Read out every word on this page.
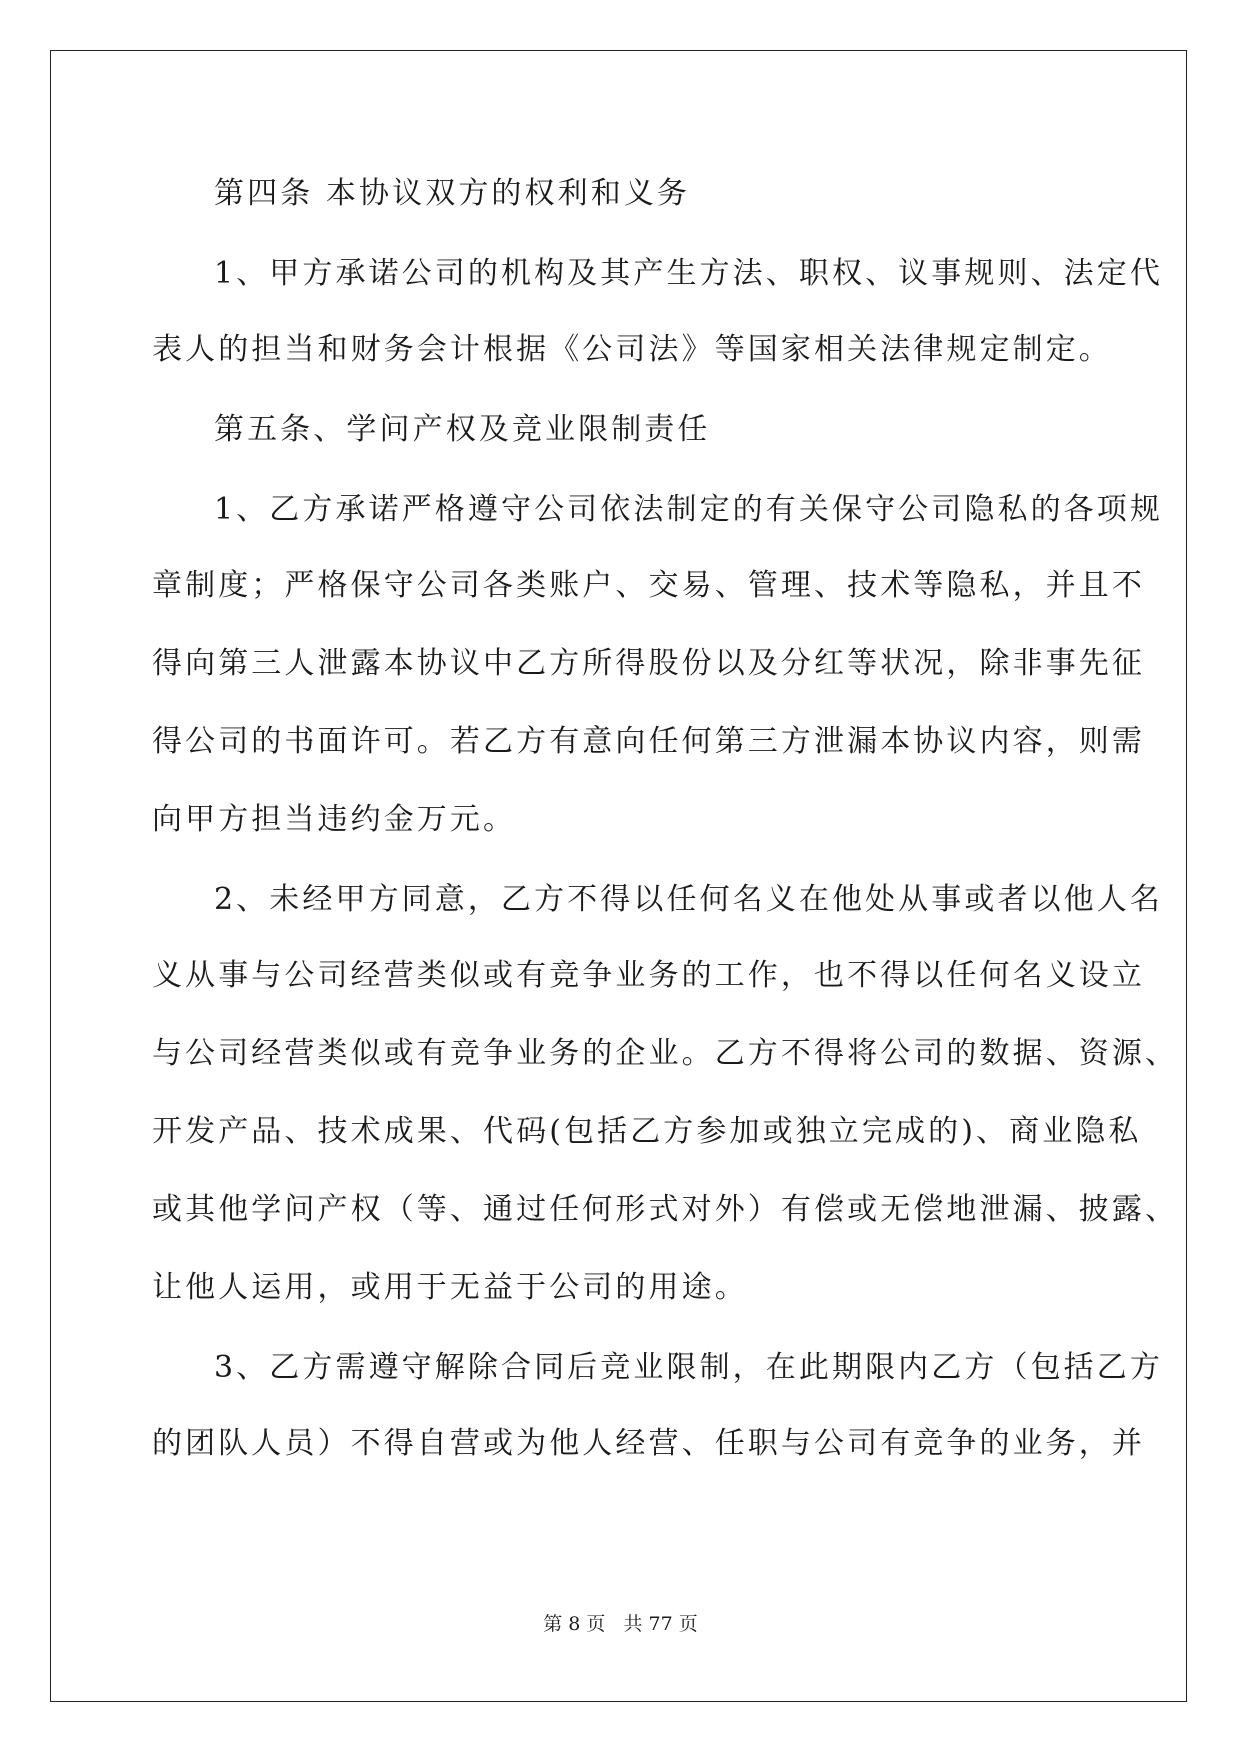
第四条 本协议双方的权利和义务
1、甲方承诺公司的机构及其产生方法、职权、议事规则、法定代
表人的担当和财务会计根据《公司法》等国家相关法律规定制定。
第五条、学问产权及竞业限制责任
1、乙方承诺严格遵守公司依法制定的有关保守公司隐私的各项规
章制度；严格保守公司各类账户、交易、管理、技术等隐私，并且不
得向第三人泄露本协议中乙方所得股份以及分红等状况，除非事先征
得公司的书面许可。若乙方有意向任何第三方泄漏本协议内容，则需
向甲方担当违约金万元。
2、未经甲方同意，乙方不得以任何名义在他处从事或者以他人名
义从事与公司经营类似或有竞争业务的工作，也不得以任何名义设立
与公司经营类似或有竞争业务的企业。乙方不得将公司的数据、资源、
开发产品、技术成果、代码(包括乙方参加或独立完成的)、商业隐私
或其他学问产权（等、通过任何形式对外）有偿或无偿地泄漏、披露、
让他人运用，或用于无益于公司的用途。
3、乙方需遵守解除合同后竞业限制，在此期限内乙方（包括乙方
的团队人员）不得自营或为他人经营、任职与公司有竞争的业务，并
第 8 页   共 77 页
